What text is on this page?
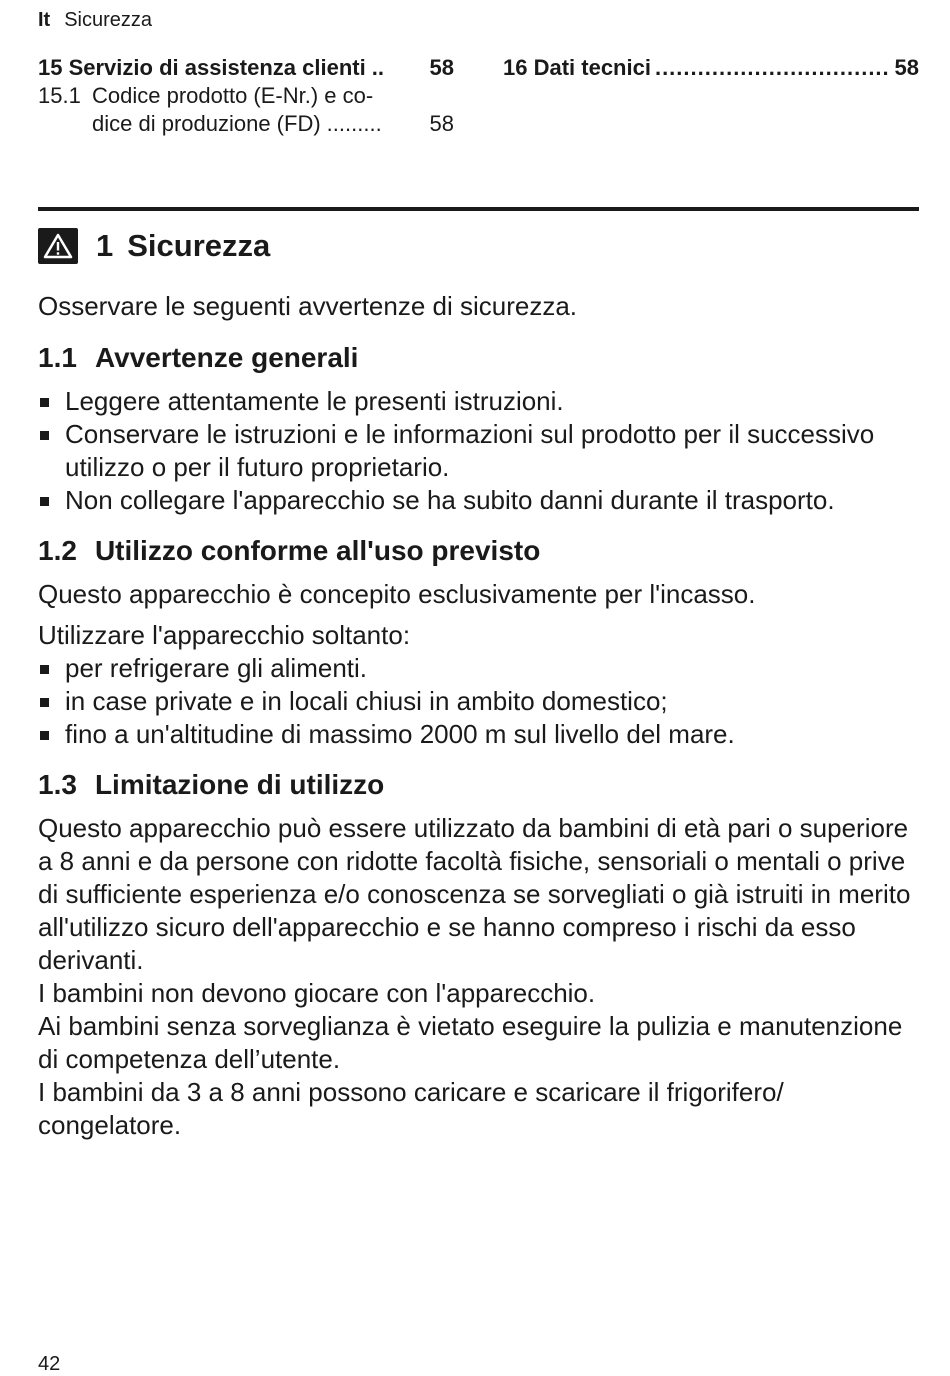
It Sicurezza
15 Servizio di assistenza clienti .. 58
15.1 Codice prodotto (E-Nr.) e co-
dice di produzione (FD) ......... 58
16 Dati tecnici
.....	58
1 Sicurezza

Osservare le seguenti avvertenze di sicurezza.

1.1 Avvertenze generali
Leggere attentamente le presenti istruzioni.
Conservare le istruzioni e le informazioni sul prodotto per il successivo utilizzo o per il futuro proprietario.
Non collegare l'apparecchio se ha subito danni durante il trasporto.
1.2 Utilizzo conforme all'uso previsto

Questo apparecchio è concepito esclusivamente per l'incasso.

Utilizzare l'apparecchio soltanto:

per refrigerare gli alimenti.
in case private e in locali chiusi in ambito domestico;
fino a un'altitudine di massimo 2000 m sul livello del mare.
1.3 Limitazione di utilizzo

Questo apparecchio può essere utilizzato da bambini di età pari o superiore a 8 anni e da persone con ridotte facoltà fisiche, sensoriali o mentali o prive di sufficiente esperienza e/o conoscenza se sorvegliati o già istruiti in merito all'utilizzo sicuro dell'apparecchio e se hanno compreso i rischi da esso derivanti.

I bambini non devono giocare con l'apparecchio.

Ai bambini senza sorveglianza è vietato eseguire la pulizia e manutenzione di competenza dell’utente.

I bambini da 3 a 8 anni possono caricare e scaricare il frigorifero/ congelatore.

42
